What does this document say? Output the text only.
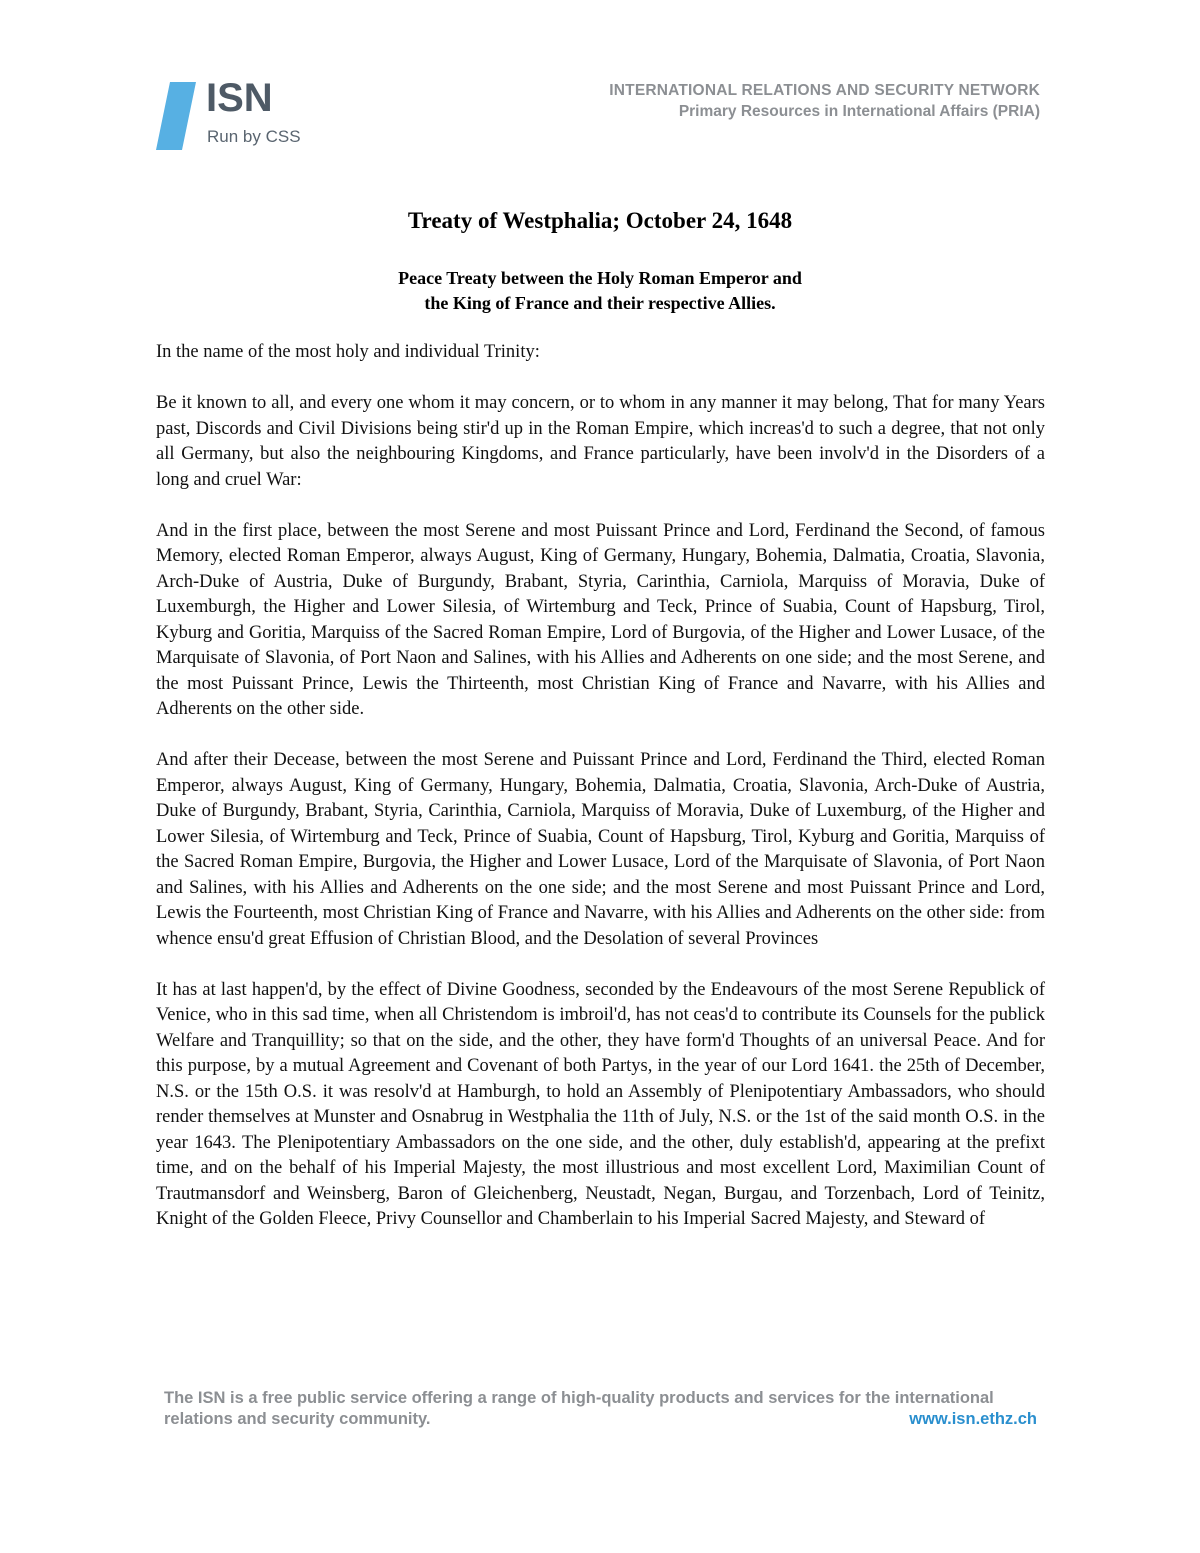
ISN
Run by CSS
INTERNATIONAL RELATIONS AND SECURITY NETWORK
Primary Resources in International Affairs (PRIA)
Treaty of Westphalia; October 24, 1648
Peace Treaty between the Holy Roman Emperor and
the King of France and their respective Allies.

In the name of the most holy and individual Trinity:

Be it known to all, and every one whom it may concern, or to whom in any manner it may belong, That for many Years past, Discords and Civil Divisions being stir'd up in the Roman Empire, which increas'd to such a degree, that not only all Germany, but also the neighbouring Kingdoms, and France particularly, have been involv'd in the Disorders of a long and cruel War:

And in the first place, between the most Serene and most Puissant Prince and Lord, Ferdinand the Second, of famous Memory, elected Roman Emperor, always August, King of Germany, Hungary, Bohemia, Dalmatia, Croatia, Slavonia, Arch-Duke of Austria, Duke of Burgundy, Brabant, Styria, Carinthia, Carniola, Marquiss of Moravia, Duke of Luxemburgh, the Higher and Lower Silesia, of Wirtemburg and Teck, Prince of Suabia, Count of Hapsburg, Tirol, Kyburg and Goritia, Marquiss of the Sacred Roman Empire, Lord of Burgovia, of the Higher and Lower Lusace, of the Marquisate of Slavonia, of Port Naon and Salines, with his Allies and Adherents on one side; and the most Serene, and the most Puissant Prince, Lewis the Thirteenth, most Christian King of France and Navarre, with his Allies and Adherents on the other side.

And after their Decease, between the most Serene and Puissant Prince and Lord, Ferdinand the Third, elected Roman Emperor, always August, King of Germany, Hungary, Bohemia, Dalmatia, Croatia, Slavonia, Arch-Duke of Austria, Duke of Burgundy, Brabant, Styria, Carinthia, Carniola, Marquiss of Moravia, Duke of Luxemburg, of the Higher and Lower Silesia, of Wirtemburg and Teck, Prince of Suabia, Count of Hapsburg, Tirol, Kyburg and Goritia, Marquiss of the Sacred Roman Empire, Burgovia, the Higher and Lower Lusace, Lord of the Marquisate of Slavonia, of Port Naon and Salines, with his Allies and Adherents on the one side; and the most Serene and most Puissant Prince and Lord, Lewis the Fourteenth, most Christian King of France and Navarre, with his Allies and Adherents on the other side: from whence ensu'd great Effusion of Christian Blood, and the Desolation of several Provinces

It has at last happen'd, by the effect of Divine Goodness, seconded by the Endeavours of the most Serene Republick of Venice, who in this sad time, when all Christendom is imbroil'd, has not ceas'd to contribute its Counsels for the publick Welfare and Tranquillity; so that on the side, and the other, they have form'd Thoughts of an universal Peace. And for this purpose, by a mutual Agreement and Covenant of both Partys, in the year of our Lord 1641. the 25th of December, N.S. or the 15th O.S. it was resolv'd at Hamburgh, to hold an Assembly of Plenipotentiary Ambassadors, who should render themselves at Munster and Osnabrug in Westphalia the 11th of July, N.S. or the 1st of the said month O.S. in the year 1643. The Plenipotentiary Ambassadors on the one side, and the other, duly establish'd, appearing at the prefixt time, and on the behalf of his Imperial Majesty, the most illustrious and most excellent Lord, Maximilian Count of Trautmansdorf and Weinsberg, Baron of Gleichenberg, Neustadt, Negan, Burgau, and Torzenbach, Lord of Teinitz, Knight of the Golden Fleece, Privy Counsellor and Chamberlain to his Imperial Sacred Majesty, and Steward of

The ISN is a free public service offering a range of high-quality products and services for the international
relations and security community.	www.isn.ethz.ch
